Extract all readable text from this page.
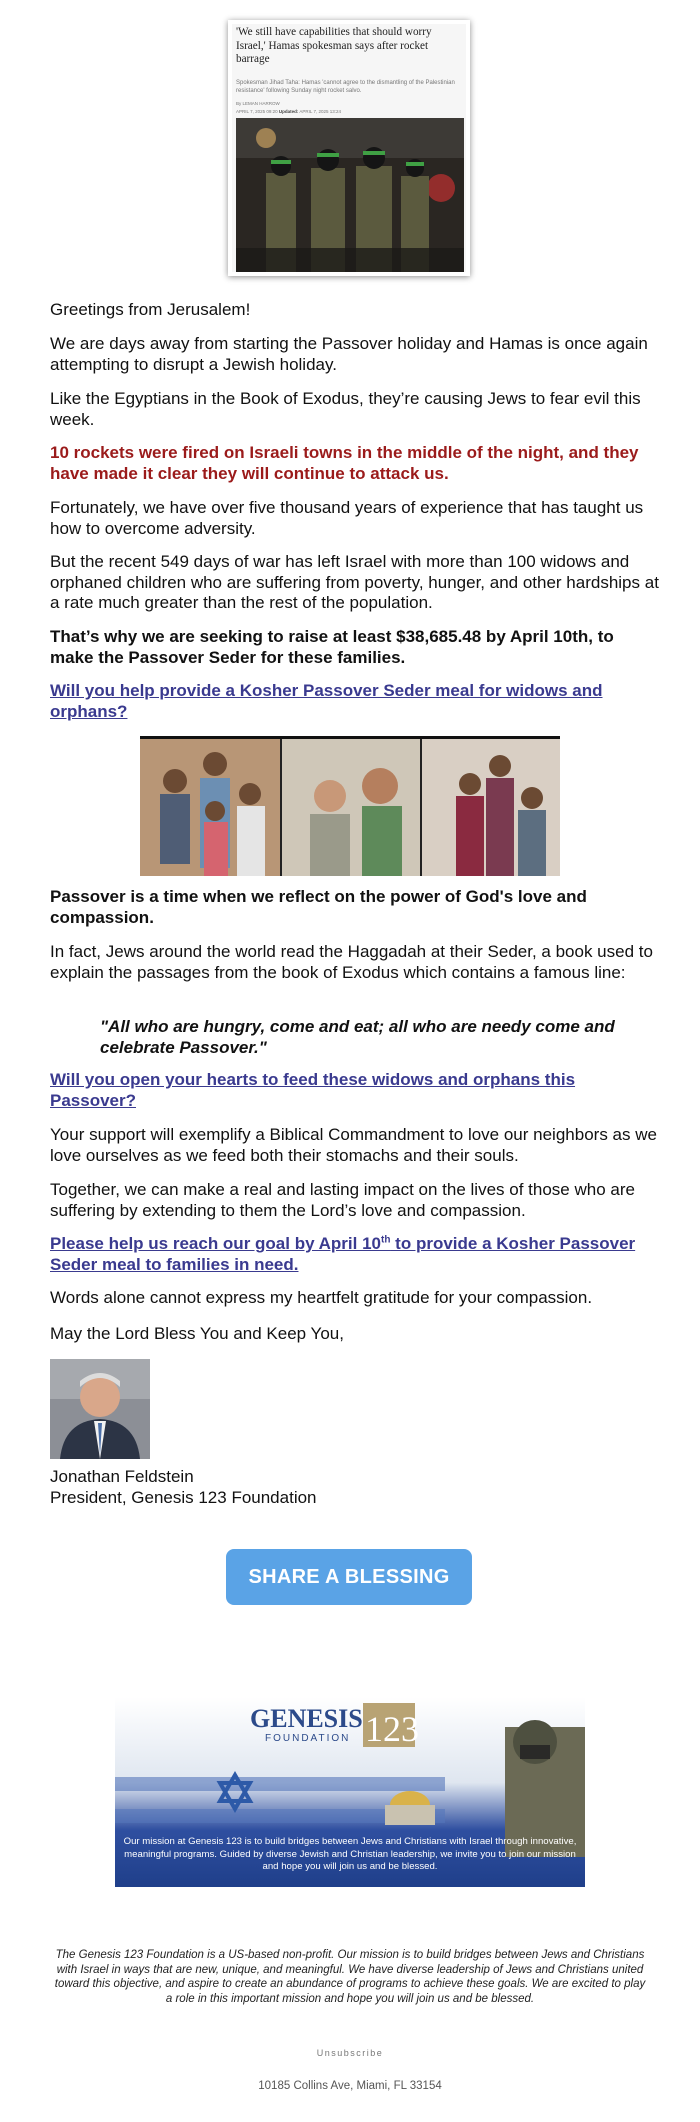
'We still have capabilities that should worry Israel,' Hamas spokesman says after rocket barrage
Spokesman Jihad Taha: Hamas 'cannot agree to the dismantling of the Palestinian resistance' following Sunday night rocket salvo.
By LEMAN HARROW
APRIL 7, 2025 09:20 Updated: APRIL 7, 2025 13:24

Greetings from Jerusalem!

We are days away from starting the Passover holiday and Hamas is once again attempting to disrupt a Jewish holiday.

Like the Egyptians in the Book of Exodus, they’re causing Jews to fear evil this week.

10 rockets were fired on Israeli towns in the middle of the night, and they have made it clear they will continue to attack us.

Fortunately, we have over five thousand years of experience that has taught us how to overcome adversity.

But the recent 549 days of war has left Israel with more than 100 widows and orphaned children who are suffering from poverty, hunger, and other hardships at a rate much greater than the rest of the population.

That’s why we are seeking to raise at least $38,685.48 by April 10th, to make the Passover Seder for these families.

Will you help provide a Kosher Passover Seder meal for widows and orphans?

Passover is a time when we reflect on the power of God's love and compassion.

In fact, Jews around the world read the Haggadah at their Seder, a book used to explain the passages from the book of Exodus which contains a famous line:

"All who are hungry, come and eat; all who are needy come and celebrate Passover."

Will you open your hearts to feed these widows and orphans this Passover?

Your support will exemplify a Biblical Commandment to love our neighbors as we love ourselves as we feed both their stomachs and their souls.

Together, we can make a real and lasting impact on the lives of those who are suffering by extending to them the Lord’s love and compassion.

Please help us reach our goal by April 10th to provide a Kosher Passover Seder meal to families in need.

Words alone cannot express my heartfelt gratitude for your compassion.

May the Lord Bless You and Keep You,

Jonathan Feldstein

President, Genesis 123 Foundation

SHARE A BLESSING
GENESIS
FOUNDATION 123
Our mission at Genesis 123 is to build bridges between Jews and Christians with Israel through innovative, meaningful programs. Guided by diverse Jewish and Christian leadership, we invite you to join our mission and hope you will join us and be blessed.
The Genesis 123 Foundation is a US-based non-profit. Our mission is to build bridges between Jews and Christians with Israel in ways that are new, unique, and meaningful. We have diverse leadership of Jews and Christians united toward this objective, and aspire to create an abundance of programs to achieve these goals. We are excited to play a role in this important mission and hope you will join us and be blessed.
Unsubscribe
10185 Collins Ave, Miami, FL 33154
